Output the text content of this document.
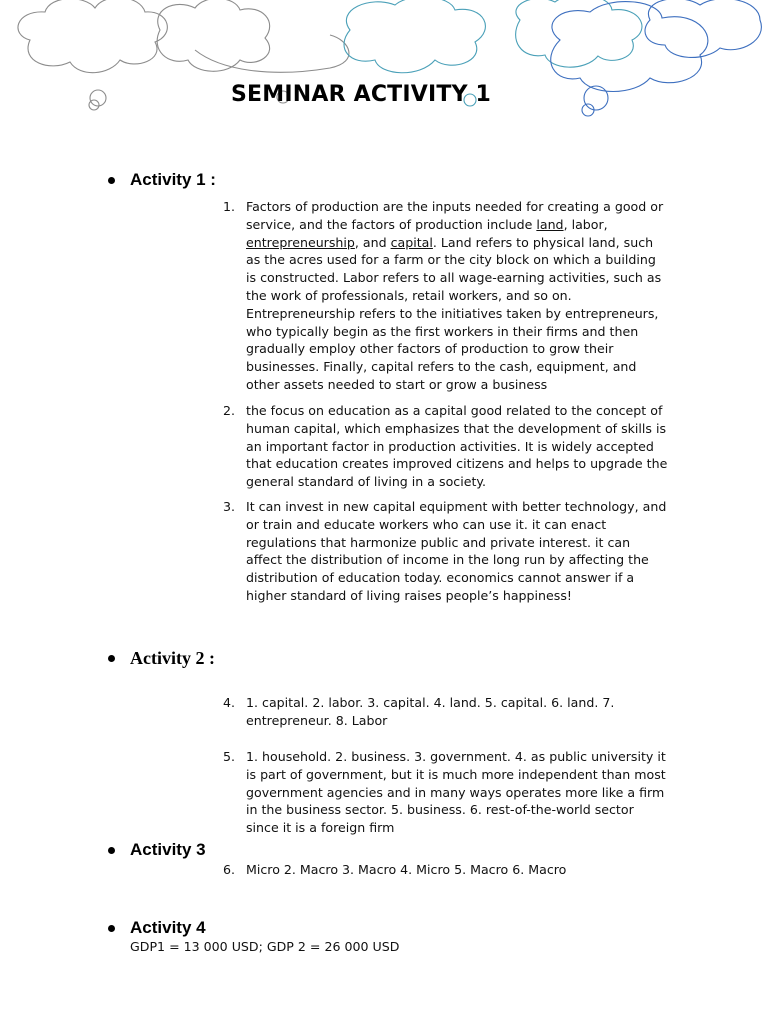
SEMINAR ACTIVITY 1
Activity 1 :
1. Factors of production are the inputs needed for creating a good or service, and the factors of production include land, labor, entrepreneurship, and capital. Land refers to physical land, such as the acres used for a farm or the city block on which a building is constructed. Labor refers to all wage-earning activities, such as the work of professionals, retail workers, and so on. Entrepreneurship refers to the initiatives taken by entrepreneurs, who typically begin as the first workers in their firms and then gradually employ other factors of production to grow their businesses. Finally, capital refers to the cash, equipment, and other assets needed to start or grow a business
2. the focus on education as a capital good related to the concept of human capital, which emphasizes that the development of skills is an important factor in production activities. It is widely accepted that education creates improved citizens and helps to upgrade the general standard of living in a society.
3. It can invest in new capital equipment with better technology, and or train and educate workers who can use it. it can enact regulations that harmonize public and private interest. it can affect the distribution of income in the long run by affecting the distribution of education today. economics cannot answer if a higher standard of living raises people’s happiness!
Activity 2 :
4. 1. capital. 2. labor. 3. capital. 4. land. 5. capital. 6. land. 7. entrepreneur. 8. Labor
5. 1. household. 2. business. 3. government. 4. as public university it is part of government, but it is much more independent than most government agencies and in many ways operates more like a firm in the business sector. 5. business. 6. rest-of-the-world sector since it is a foreign firm
Activity 3
6. Micro 2. Macro 3. Macro 4. Micro 5. Macro 6. Macro
Activity 4
GDP1 = 13 000 USD; GDP 2 = 26 000 USD
